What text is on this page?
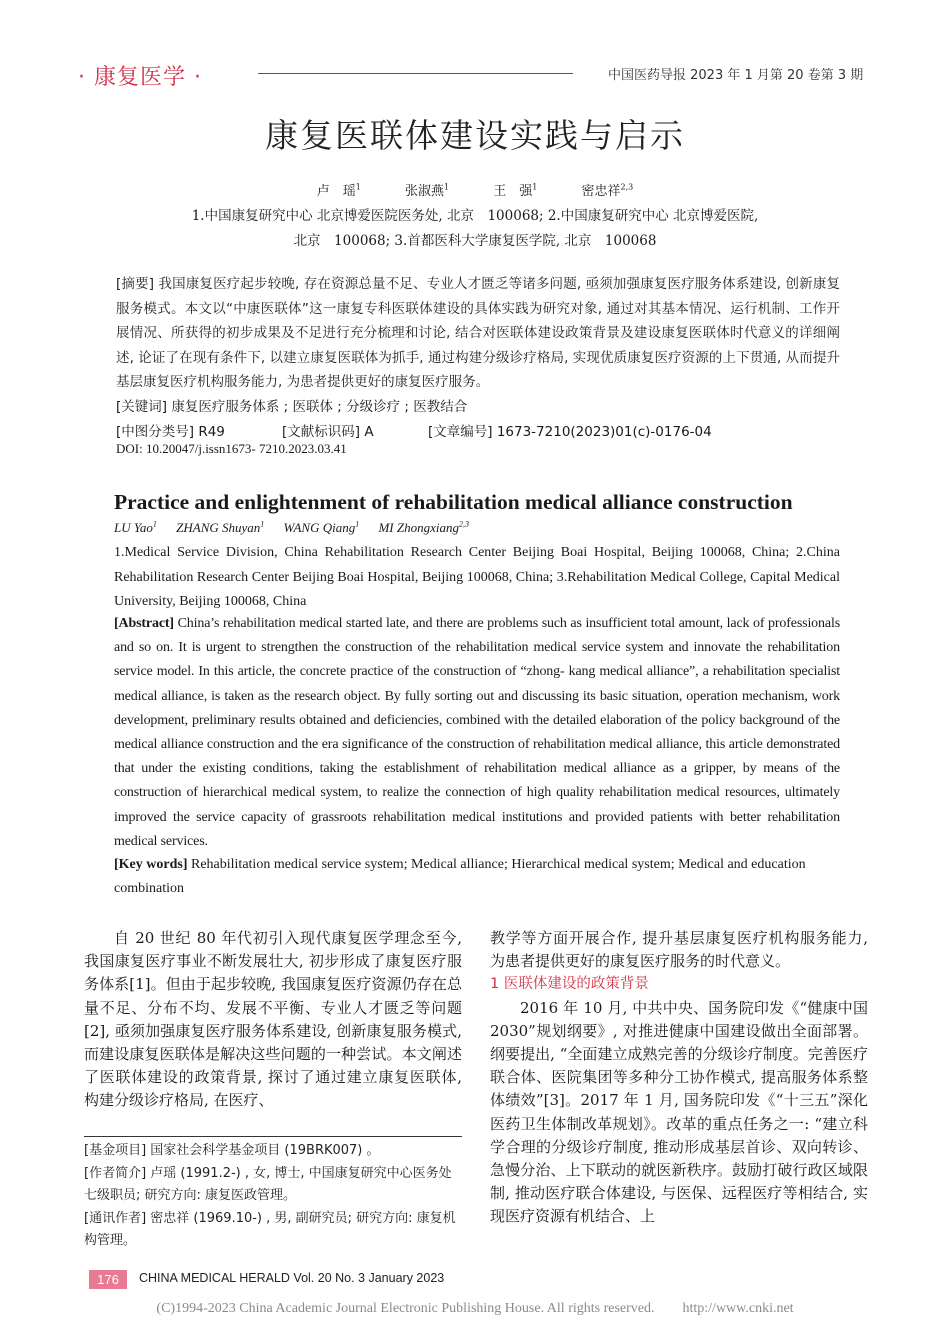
· 康复医学 ·	中国医药导报 2023 年 1 月第 20 卷第 3 期
康复医联体建设实践与启示
卢　瑶$^1$	张淑燕$^1$	王　强$^1$	密忠祥$^{2,3}$
1.中国康复研究中心 北京博爱医院医务处, 北京　100068; 2.中国康复研究中心 北京博爱医院,
北京　100068; 3.首都医科大学康复医学院, 北京　100068
[摘要] 我国康复医疗起步较晚, 存在资源总量不足、专业人才匮乏等诸多问题, 亟须加强康复医疗服务体系建设, 创新康复服务模式。本文以“中康医联体”这一康复专科医联体建设的具体实践为研究对象, 通过对其基本情况、运行机制、工作开展情况、所获得的初步成果及不足进行充分梳理和讨论, 结合对医联体建设政策背景及建设康复医联体时代意义的详细阐述, 论证了在现有条件下, 以建立康复医联体为抓手, 通过构建分级诊疗格局, 实现优质康复医疗资源的上下贯通, 从而提升基层康复医疗机构服务能力, 为患者提供更好的康复医疗服务。
[关键词] 康复医疗服务体系 ; 医联体 ; 分级诊疗 ; 医教结合
[中图分类号] R49	[文献标识码] A	[文章编号] 1673-7210(2023)01(c)-0176-04
DOI: 10.20047/j.issn1673- 7210.2023.03.41
Practice and enlightenment of rehabilitation medical alliance construction
LU Yao$^1$ ZHANG Shuyan$^1$ WANG Qiang$^1$ MI Zhongxiang$^{2,3}$
1.Medical Service Division, China Rehabilitation Research Center Beijing Boai Hospital, Beijing 100068, China; 2.China Rehabilitation Research Center Beijing Boai Hospital, Beijing 100068, China; 3.Rehabilitation Medical College, Capital Medical University, Beijing 100068, China
[Abstract] China’s rehabilitation medical started late, and there are problems such as insufficient total amount, lack of professionals and so on. It is urgent to strengthen the construction of the rehabilitation medical service system and innovate the rehabilitation service model. In this article, the concrete practice of the construction of “zhong- kang medical alliance”, a rehabilitation specialist medical alliance, is taken as the research object. By fully sorting out and discussing its basic situation, operation mechanism, work development, preliminary results obtained and deficiencies, combined with the detailed elaboration of the policy background of the medical alliance construction and the era significance of the construction of rehabilitation medical alliance, this article demonstrated that under the existing conditions, taking the establishment of rehabilitation medical alliance as a gripper, by means of the construction of hierarchical medical system, to realize the connection of high quality rehabilitation medical resources, ultimately improved the service capacity of grassroots rehabilitation medical institutions and provided patients with better rehabilitation medical services.
[Key words] Rehabilitation medical service system; Medical alliance; Hierarchical medical system; Medical and education combination

自 20 世纪 80 年代初引入现代康复医学理念至今, 我国康复医疗事业不断发展壮大, 初步形成了康复医疗服务体系[1]。但由于起步较晚, 我国康复医疗资源仍存在总量不足、分布不均、发展不平衡、专业人才匮乏等问题[2], 亟须加强康复医疗服务体系建设, 创新康复服务模式, 而建设康复医联体是解决这些问题的一种尝试。本文阐述了医联体建设的政策背景, 探讨了通过建立康复医联体, 构建分级诊疗格局, 在医疗、

教学等方面开展合作, 提升基层康复医疗机构服务能力, 为患者提供更好的康复医疗服务的时代意义。

1 医联体建设的政策背景

2016 年 10 月, 中共中央、国务院印发《“健康中国 2030”规划纲要》, 对推进健康中国建设做出全面部署。纲要提出, “全面建立成熟完善的分级诊疗制度。完善医疗联合体、医院集团等多种分工协作模式, 提高服务体系整体绩效”[3]。2017 年 1 月, 国务院印发《“十三五”深化医药卫生体制改革规划》。改革的重点任务之一: “建立科学合理的分级诊疗制度, 推动形成基层首诊、双向转诊、急慢分治、上下联动的就医新秩序。鼓励打破行政区域限制, 推动医疗联合体建设, 与医保、远程医疗等相结合, 实现医疗资源有机结合、上

[基金项目] 国家社会科学基金项目 (19BRK007) 。

[作者简介] 卢瑶 (1991.2-) , 女, 博士, 中国康复研究中心医务处七级职员; 研究方向: 康复医政管理。

[通讯作者] 密忠祥 (1969.10-) , 男, 副研究员; 研究方向: 康复机构管理。

176	CHINA MEDICAL HERALD Vol. 20 No. 3 January 2023
(C)1994-2023 China Academic Journal Electronic Publishing House. All rights reserved.　　http://www.cnki.net
